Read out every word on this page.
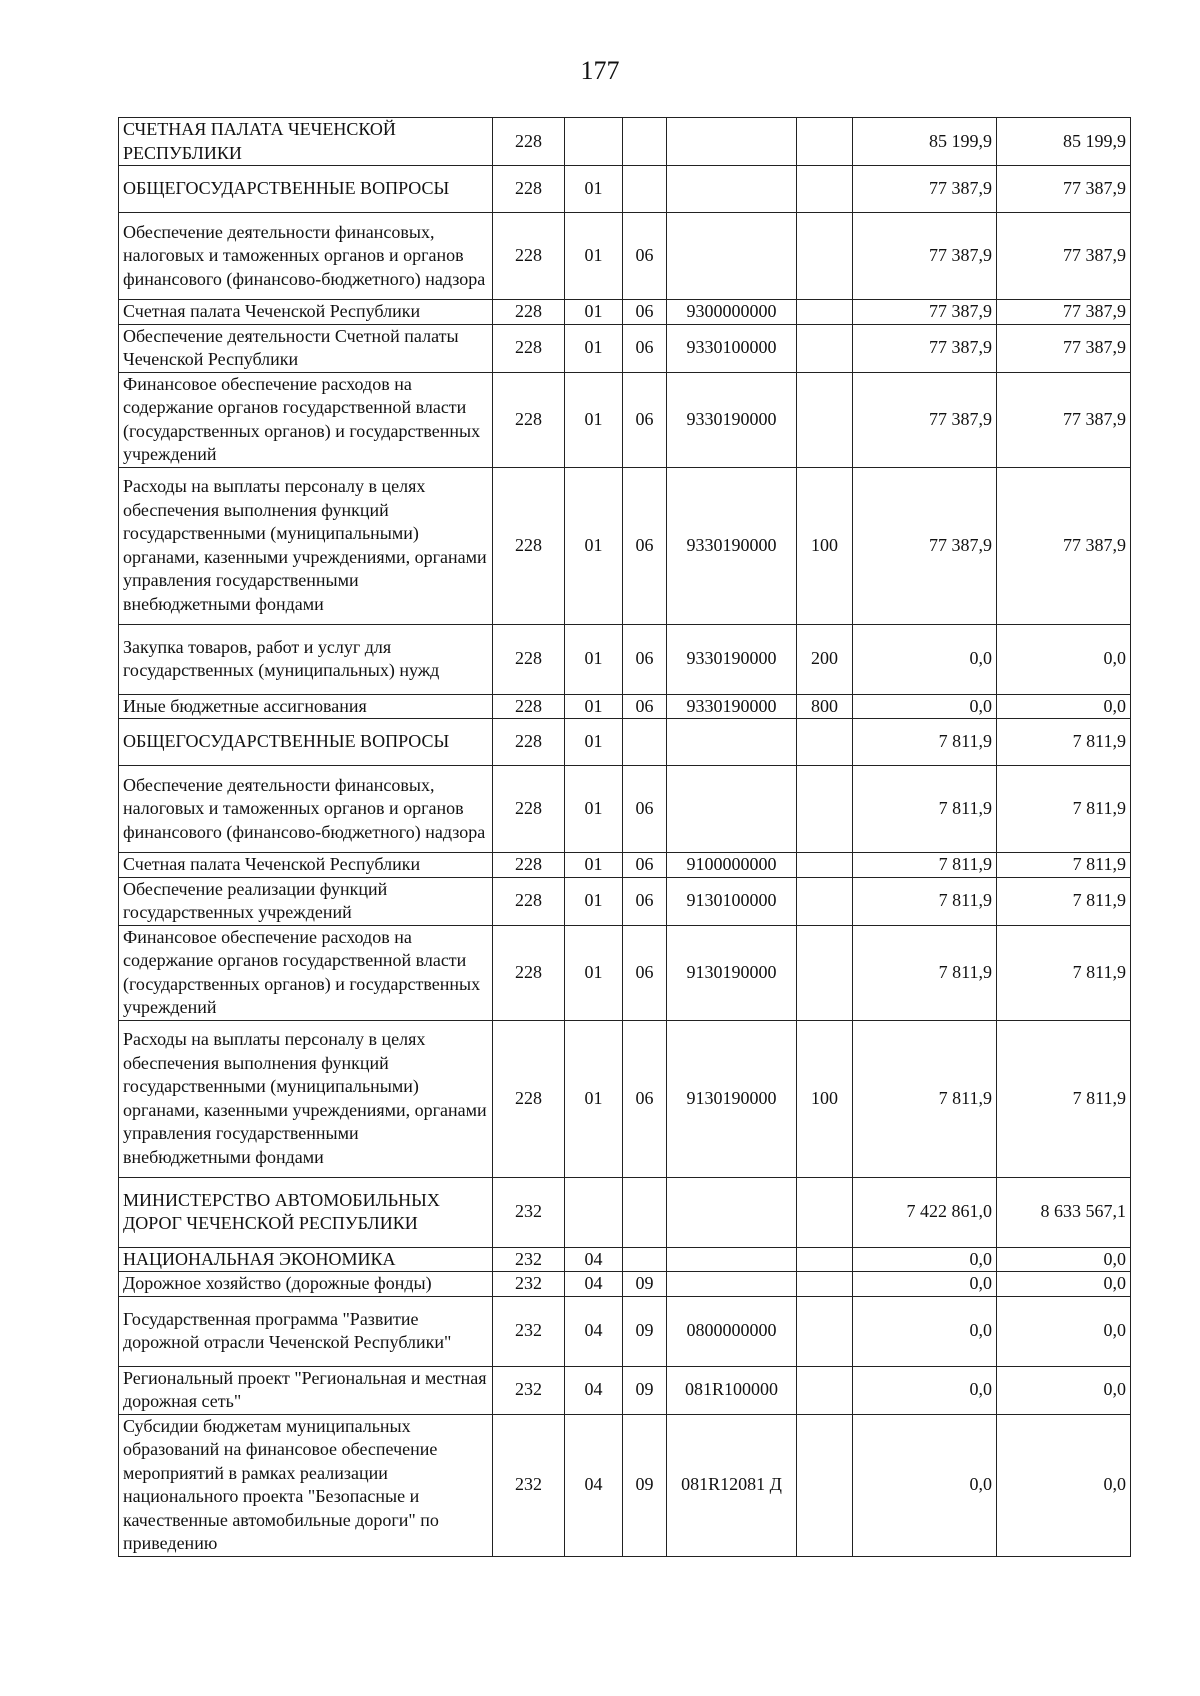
177
СЧЕТНАЯ ПАЛАТА ЧЕЧЕНСКОЙ РЕСПУБЛИКИ	228					85 199,9	85 199,9
ОБЩЕГОСУДАРСТВЕННЫЕ ВОПРОСЫ	228	01				77 387,9	77 387,9
Обеспечение деятельности финансовых, налоговых и таможенных органов и органов финансового (финансово-бюджетного) надзора	228	01	06			77 387,9	77 387,9
Счетная палата Чеченской Республики	228	01	06	9300000000		77 387,9	77 387,9
Обеспечение деятельности Счетной палаты Чеченской Республики	228	01	06	9330100000		77 387,9	77 387,9
Финансовое обеспечение расходов на содержание органов государственной власти (государственных органов) и государственных учреждений	228	01	06	9330190000		77 387,9	77 387,9
Расходы на выплаты персоналу в целях обеспечения выполнения функций государственными (муниципальными) органами, казенными учреждениями, органами управления государственными внебюджетными фондами	228	01	06	9330190000	100	77 387,9	77 387,9
Закупка товаров, работ и услуг для государственных (муниципальных) нужд	228	01	06	9330190000	200	0,0	0,0
Иные бюджетные ассигнования	228	01	06	9330190000	800	0,0	0,0
ОБЩЕГОСУДАРСТВЕННЫЕ ВОПРОСЫ	228	01				7 811,9	7 811,9
Обеспечение деятельности финансовых, налоговых и таможенных органов и органов финансового (финансово-бюджетного) надзора	228	01	06			7 811,9	7 811,9
Счетная палата Чеченской Республики	228	01	06	9100000000		7 811,9	7 811,9
Обеспечение реализации функций государственных учреждений	228	01	06	9130100000		7 811,9	7 811,9
Финансовое обеспечение расходов на содержание органов государственной власти (государственных органов) и государственных учреждений	228	01	06	9130190000		7 811,9	7 811,9
Расходы на выплаты персоналу в целях обеспечения выполнения функций государственными (муниципальными) органами, казенными учреждениями, органами управления государственными внебюджетными фондами	228	01	06	9130190000	100	7 811,9	7 811,9
МИНИСТЕРСТВО АВТОМОБИЛЬНЫХ ДОРОГ ЧЕЧЕНСКОЙ РЕСПУБЛИКИ	232					7 422 861,0	8 633 567,1
НАЦИОНАЛЬНАЯ ЭКОНОМИКА	232	04				0,0	0,0
Дорожное хозяйство (дорожные фонды)	232	04	09			0,0	0,0
Государственная программа "Развитие дорожной отрасли Чеченской Республики"	232	04	09	0800000000		0,0	0,0
Региональный проект "Региональная и местная дорожная сеть"	232	04	09	081R100000		0,0	0,0
Субсидии бюджетам муниципальных образований на финансовое обеспечение мероприятий в рамках реализации национального проекта "Безопасные и качественные автомобильные дороги" по приведению	232	04	09	081R12081 Д		0,0	0,0
